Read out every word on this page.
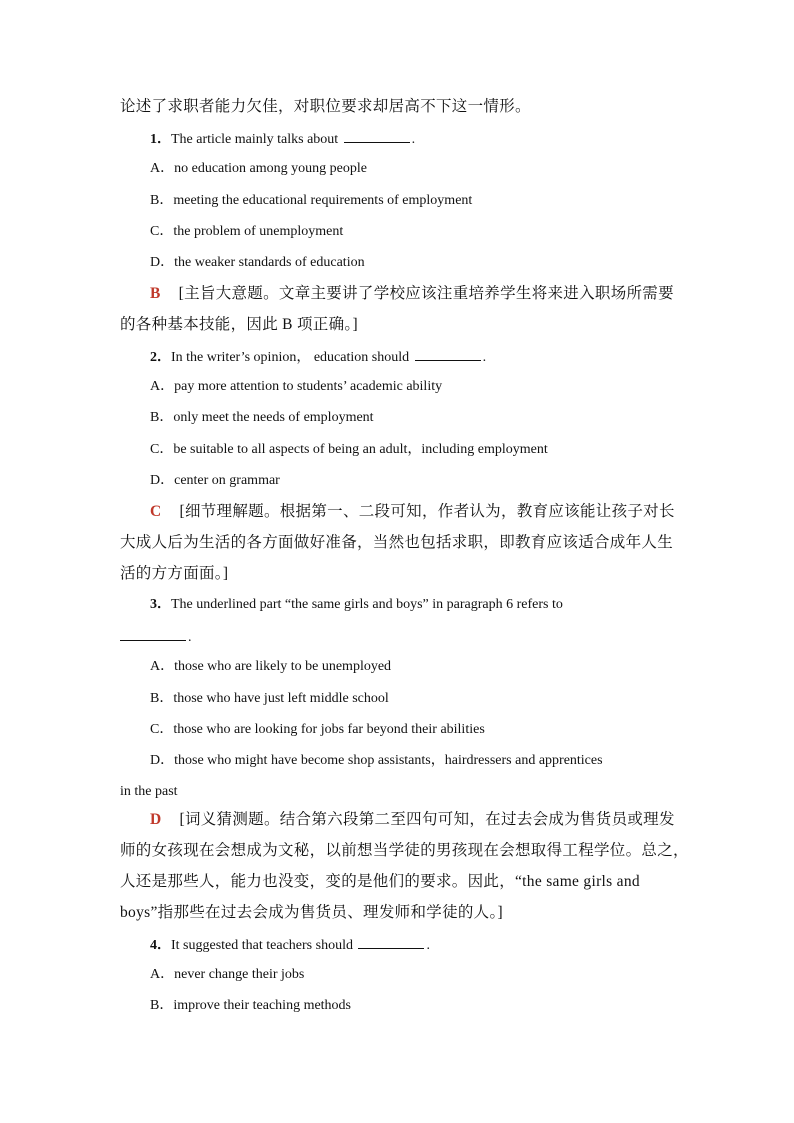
论述了求职者能力欠佳，对职位要求却居高不下这一情形。
1．The article mainly talks about	.
A．no education among young people
B．meeting the educational requirements of employment
C．the problem of unemployment
D．the weaker standards of education
B [主旨大意题。文章主要讲了学校应该注重培养学生将来进入职场所需要
的各种基本技能，因此 B 项正确。]
2．In the writer’s opinion， education should	.
A．pay more attention to students’ academic ability
B．only meet the needs of employment
C．be suitable to all aspects of being an adult，including employment
D．center on grammar
C [细节理解题。根据第一、二段可知，作者认为，教育应该能让孩子对长
大成人后为生活的各方面做好准备，当然也包括求职，即教育应该适合成年人生
活的方方面面。]
3．The underlined part “the same girls and boys” in paragraph 6 refers to
.
A．those who are likely to be unemployed
B．those who have just left middle school
C．those who are looking for jobs far beyond their abilities
D．those who might have become shop assistants，hairdressers and apprentices
in the past
D [词义猜测题。结合第六段第二至四句可知，在过去会成为售货员或理发
师的女孩现在会想成为文秘，以前想当学徒的男孩现在会想取得工程学位。总之，
人还是那些人，能力也没变，变的是他们的要求。因此，“the same girls and
boys”指那些在过去会成为售货员、理发师和学徒的人。]
4．It suggested that teachers should	.
A．never change their jobs
B．improve their teaching methods
